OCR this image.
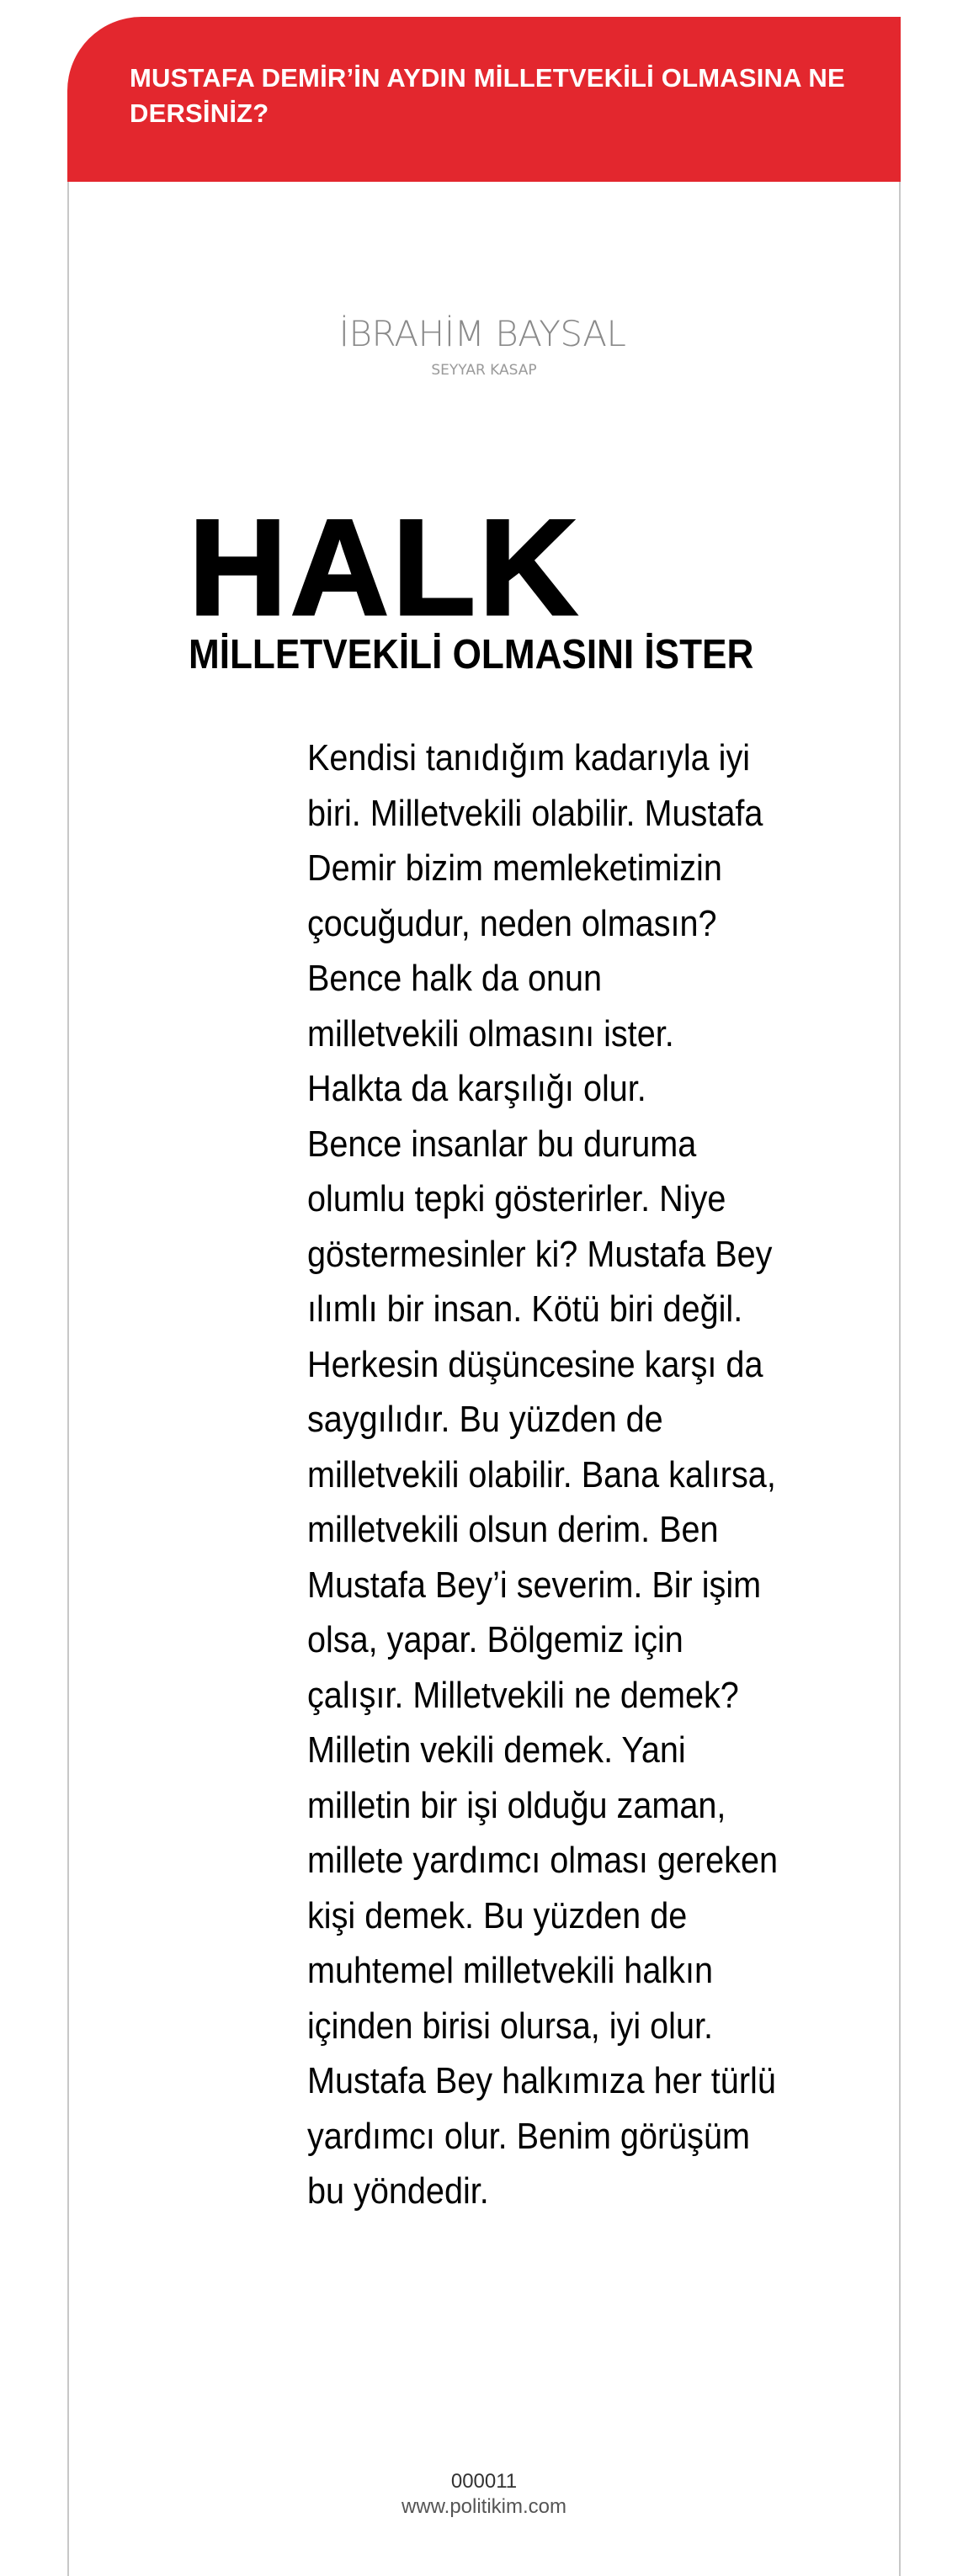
MUSTAFA DEMİR’İN AYDIN MİLLETVEKİLİ OLMASINA NE DERSİNİZ?

İBRAHİM BAYSAL

SEYYAR KASAP

HALK
MİLLETVEKİLİ OLMASINI İSTER
Kendisi tanıdığım kadarıyla iyi
biri. Milletvekili olabilir. Mustafa
Demir bizim memleketimizin
çocuğudur, neden olmasın?
Bence halk da onun
milletvekili olmasını ister.
Halkta da karşılığı olur.
Bence insanlar bu duruma
olumlu tepki gösterirler. Niye
göstermesinler ki? Mustafa Bey
ılımlı bir insan. Kötü biri değil.
Herkesin düşüncesine karşı da
saygılıdır. Bu yüzden de
milletvekili olabilir. Bana kalırsa,
milletvekili olsun derim. Ben
Mustafa Bey’i severim. Bir işim
olsa, yapar. Bölgemiz için
çalışır. Milletvekili ne demek?
Milletin vekili demek. Yani
milletin bir işi olduğu zaman,
millete yardımcı olması gereken
kişi demek. Bu yüzden de
muhtemel milletvekili halkın
içinden birisi olursa, iyi olur.
Mustafa Bey halkımıza her türlü
yardımcı olur. Benim görüşüm
bu yöndedir.

000011

www.politikim.com
